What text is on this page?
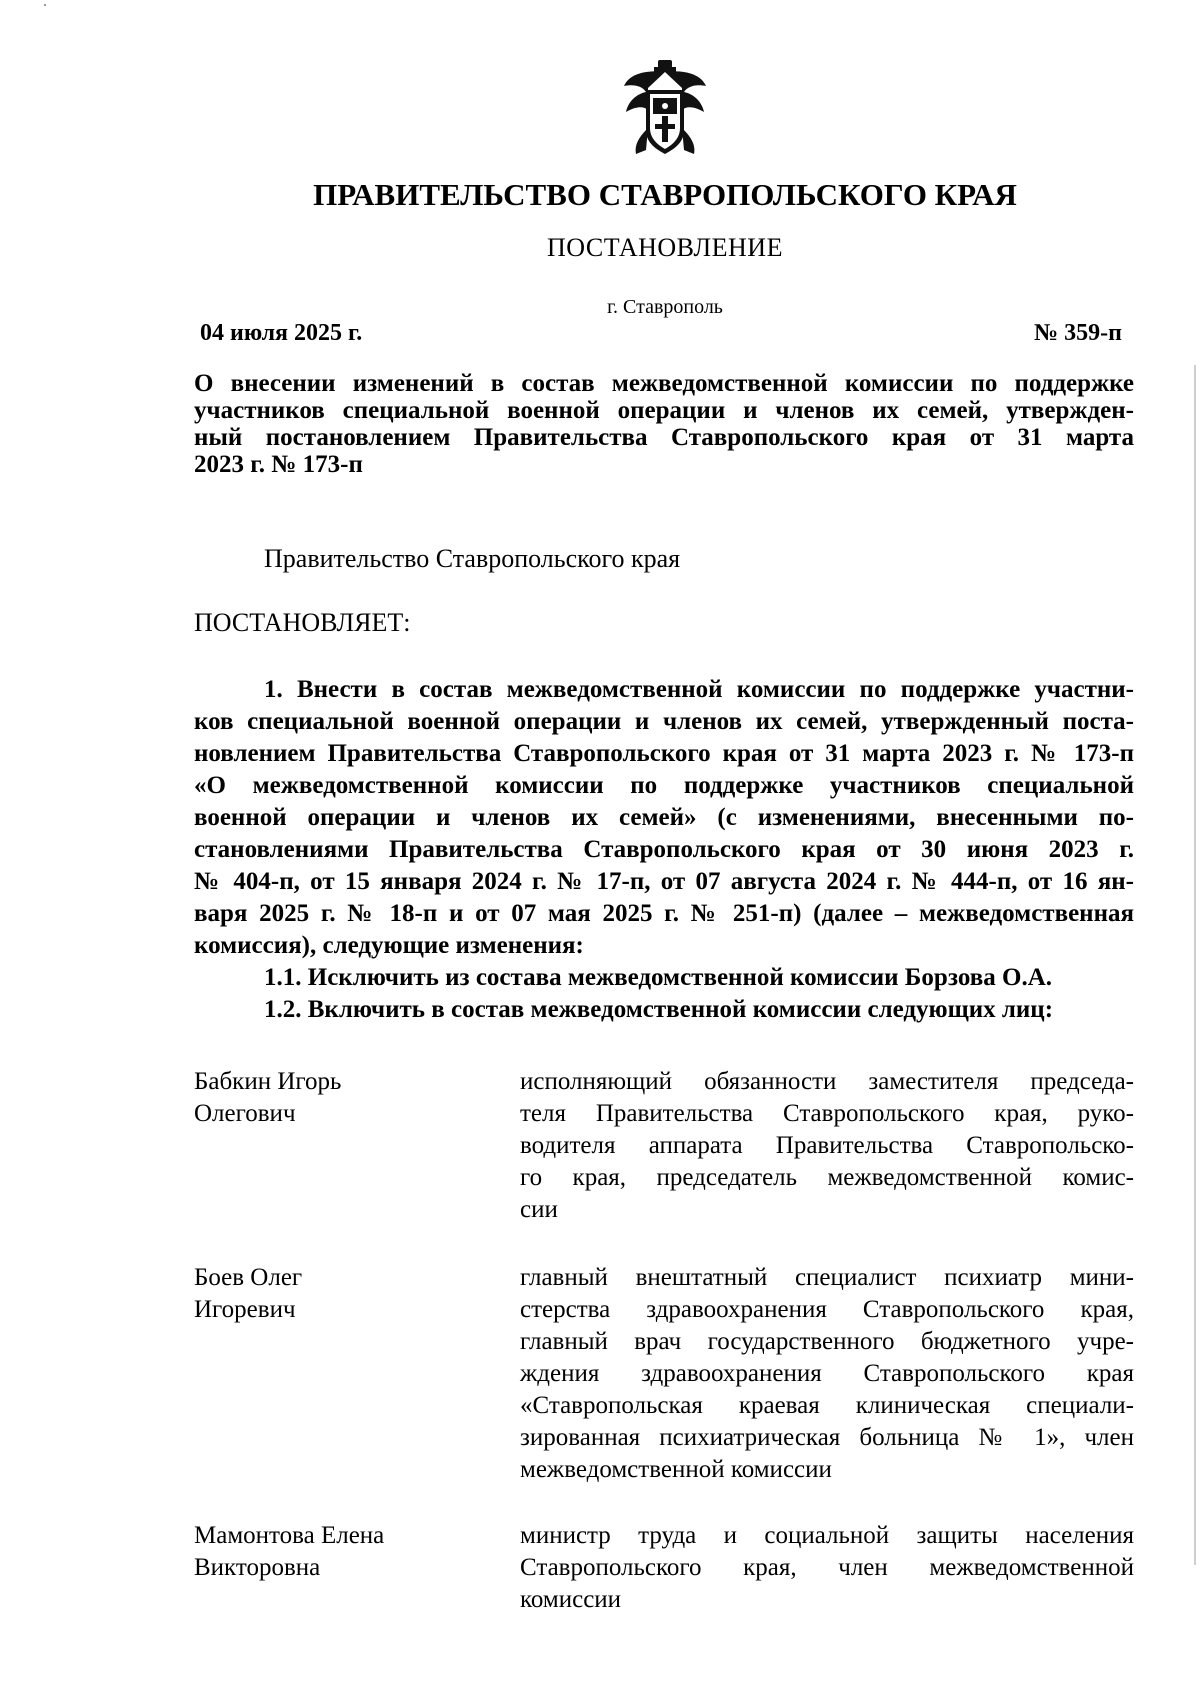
ПРАВИТЕЛЬСТВО СТАВРОПОЛЬСКОГО КРАЯ
ПОСТАНОВЛЕНИЕ
г. Ставрополь
04 июля 2025 г.	№ 359-п
О внесении изменений в состав межведомственной комиссии по поддержке
участников специальной военной операции и членов их семей, утвержден-
ный постановлением Правительства Ставропольского края от 31 марта
2023 г. № 173-п
Правительство Ставропольского края
ПОСТАНОВЛЯЕТ:
1. Внести в состав межведомственной комиссии по поддержке участни-
ков специальной военной операции и членов их семей, утвержденный поста-
новлением Правительства Ставропольского края от 31 марта 2023 г. № 173-п
«О межведомственной комиссии по поддержке участников специальной
военной операции и членов их семей» (с изменениями, внесенными по-
становлениями Правительства Ставропольского края от 30 июня 2023 г.
№ 404-п, от 15 января 2024 г. № 17-п, от 07 августа 2024 г. № 444-п, от 16 ян-
варя 2025 г. № 18-п и от 07 мая 2025 г. № 251-п) (далее – межведомственная
комиссия), следующие изменения:
1.1. Исключить из состава межведомственной комиссии Борзова О.А.
1.2. Включить в состав межведомственной комиссии следующих лиц:
Бабкин Игорь
Олегович
исполняющий обязанности заместителя председа-
теля Правительства Ставропольского края, руко-
водителя аппарата Правительства Ставропольско-
го края, председатель межведомственной комис-
сии
Боев Олег
Игоревич
главный внештатный специалист психиатр мини-
стерства здравоохранения Ставропольского края,
главный врач государственного бюджетного учре-
ждения здравоохранения Ставропольского края
«Ставропольская краевая клиническая специали-
зированная психиатрическая больница № 1», член
межведомственной комиссии
Мамонтова Елена
Викторовна
министр труда и социальной защиты населения
Ставропольского края, член межведомственной
комиссии
